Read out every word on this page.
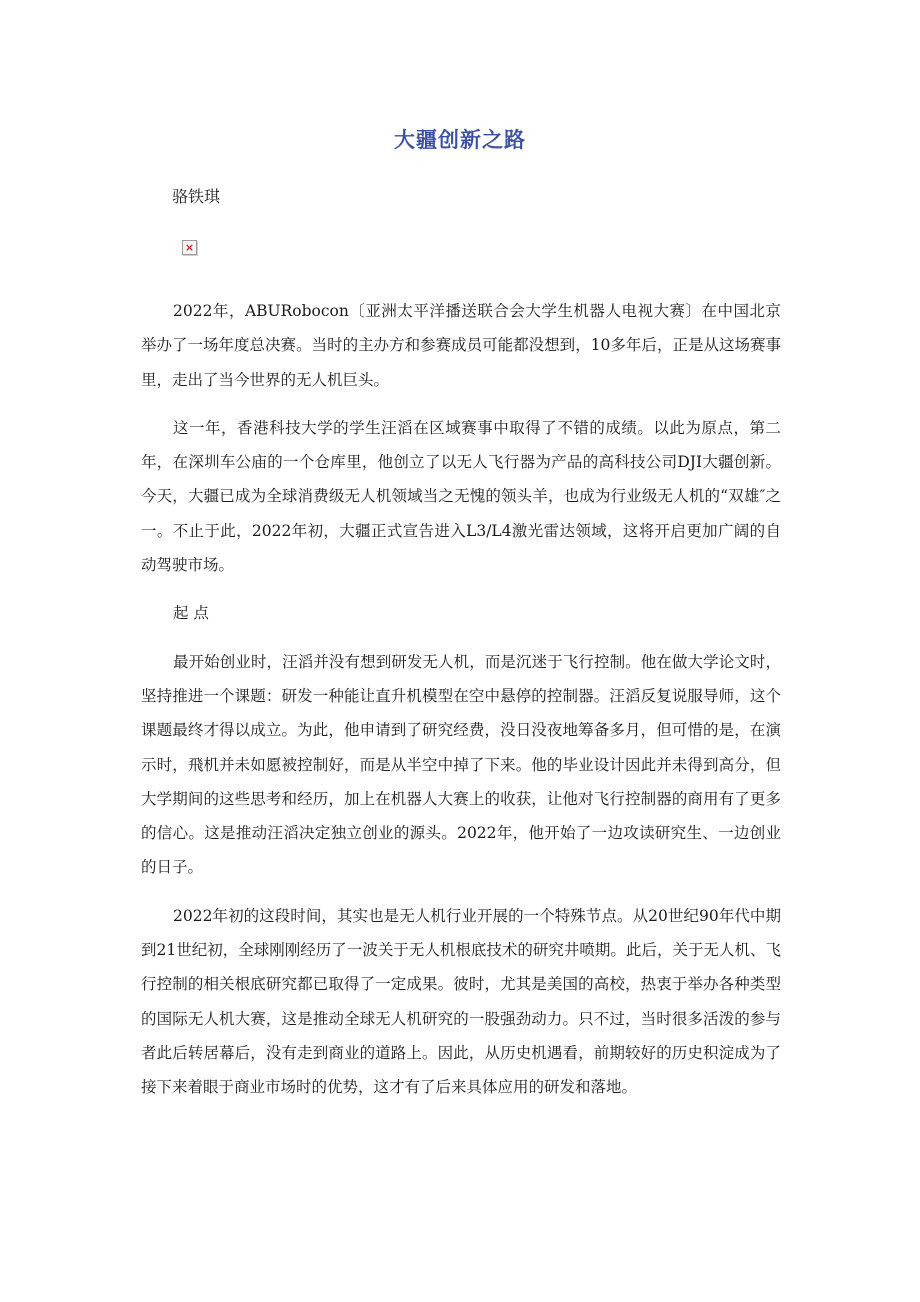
大疆创新之路
骆铁琪
×

2022年，ABURobocon〔亚洲太平洋播送联合会大学生机器人电视大赛〕在中国北京举办了一场年度总决赛。当时的主办方和参赛成员可能都没想到，10多年后，正是从这场赛事里，走出了当今世界的无人机巨头。

这一年，香港科技大学的学生汪滔在区域赛事中取得了不错的成绩。以此为原点，第二年，在深圳车公庙的一个仓库里，他创立了以无人飞行器为产品的高科技公司DJI大疆创新。今天，大疆已成为全球消费级无人机领域当之无愧的领头羊，也成为行业级无人机的“双雄″之一。不止于此，2022年初，大疆正式宣告进入L3/L4激光雷达领域，这将开启更加广阔的自动驾驶市场。

起 点

最开始创业时，汪滔并没有想到研发无人机，而是沉迷于飞行控制。他在做大学论文时，坚持推进一个课题：研发一种能让直升机模型在空中悬停的控制器。汪滔反复说服导师，这个课题最终才得以成立。为此，他申请到了研究经费，没日没夜地筹备多月，但可惜的是，在演示时，飛机并未如愿被控制好，而是从半空中掉了下来。他的毕业设计因此并未得到高分，但大学期间的这些思考和经历，加上在机器人大赛上的收获，让他对飞行控制器的商用有了更多的信心。这是推动汪滔决定独立创业的源头。2022年，他开始了一边攻读研究生、一边创业的日子。

2022年初的这段时间，其实也是无人机行业开展的一个特殊节点。从20世纪90年代中期到21世纪初，全球刚刚经历了一波关于无人机根底技术的研究井喷期。此后，关于无人机、飞行控制的相关根底研究都已取得了一定成果。彼时，尤其是美国的高校，热衷于举办各种类型的国际无人机大赛，这是推动全球无人机研究的一股强劲动力。只不过，当时很多活泼的参与者此后转居幕后，没有走到商业的道路上。因此，从历史机遇看，前期较好的历史积淀成为了接下来着眼于商业市场时的优势，这才有了后来具体应用的研发和落地。
